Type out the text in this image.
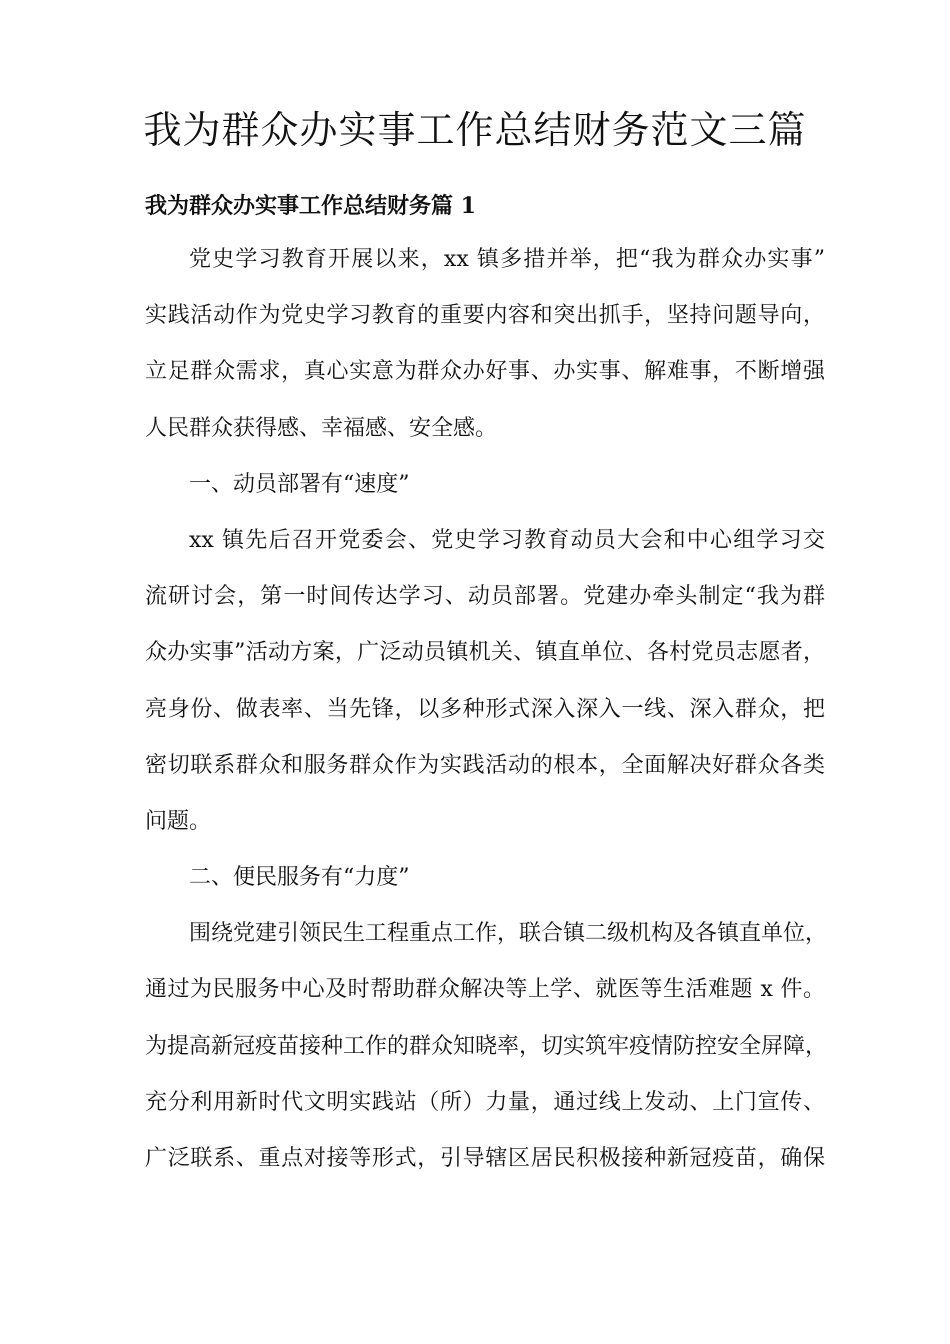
我为群众办实事工作总结财务范文三篇
我为群众办实事工作总结财务篇 1
党史学习教育开展以来，xx 镇多措并举，把“我为群众办实事”
实践活动作为党史学习教育的重要内容和突出抓手，坚持问题导向，
立足群众需求，真心实意为群众办好事、办实事、解难事，不断增强
人民群众获得感、幸福感、安全感。
一、动员部署有“速度”
xx 镇先后召开党委会、党史学习教育动员大会和中心组学习交
流研讨会，第一时间传达学习、动员部署。党建办牵头制定“我为群
众办实事”活动方案，广泛动员镇机关、镇直单位、各村党员志愿者，
亮身份、做表率、当先锋，以多种形式深入深入一线、深入群众，把
密切联系群众和服务群众作为实践活动的根本，全面解决好群众各类
问题。
二、便民服务有“力度”
围绕党建引领民生工程重点工作，联合镇二级机构及各镇直单位，
通过为民服务中心及时帮助群众解决等上学、就医等生活难题 x 件。
为提高新冠疫苗接种工作的群众知晓率，切实筑牢疫情防控安全屏障，
充分利用新时代文明实践站（所）力量，通过线上发动、上门宣传、
广泛联系、重点对接等形式，引导辖区居民积极接种新冠疫苗，确保
